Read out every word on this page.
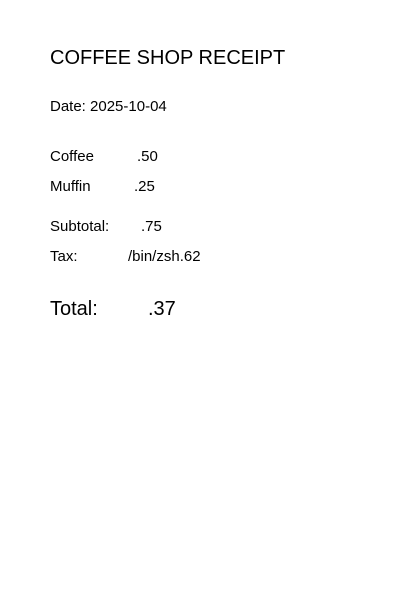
COFFEE SHOP RECEIPT
Date: 2025-10-04
Coffee	.50
Muffin	.25
Subtotal: .75
Tax:	/bin/zsh.62
Total:	.37
